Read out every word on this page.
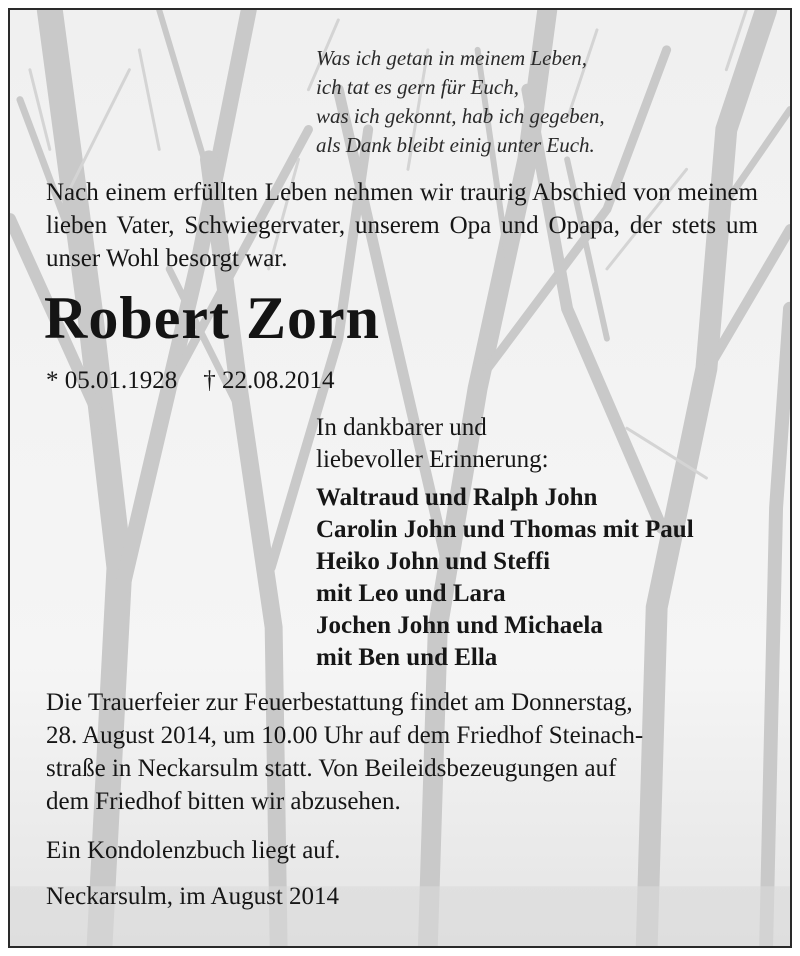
Was ich getan in meinem Leben,
ich tat es gern für Euch,
was ich gekonnt, hab ich gegeben,
als Dank bleibt einig unter Euch.
Nach einem erfüllten Leben nehmen wir traurig Abschied von meinem lieben Vater, Schwiegervater, unserem Opa und Opapa, der stets um unser Wohl besorgt war.
Robert Zorn
* 05.01.1928 † 22.08.2014
In dankbarer und
liebevoller Erinnerung:
Waltraud und Ralph John
Carolin John und Thomas mit Paul
Heiko John und Steffi
mit Leo und Lara
Jochen John und Michaela
mit Ben und Ella
Die Trauerfeier zur Feuerbestattung findet am Donnerstag,
28. August 2014, um 10.00 Uhr auf dem Friedhof Steinach-
straße in Neckarsulm statt. Von Beileidsbezeugungen auf
dem Friedhof bitten wir abzusehen.
Ein Kondolenzbuch liegt auf.
Neckarsulm, im August 2014
